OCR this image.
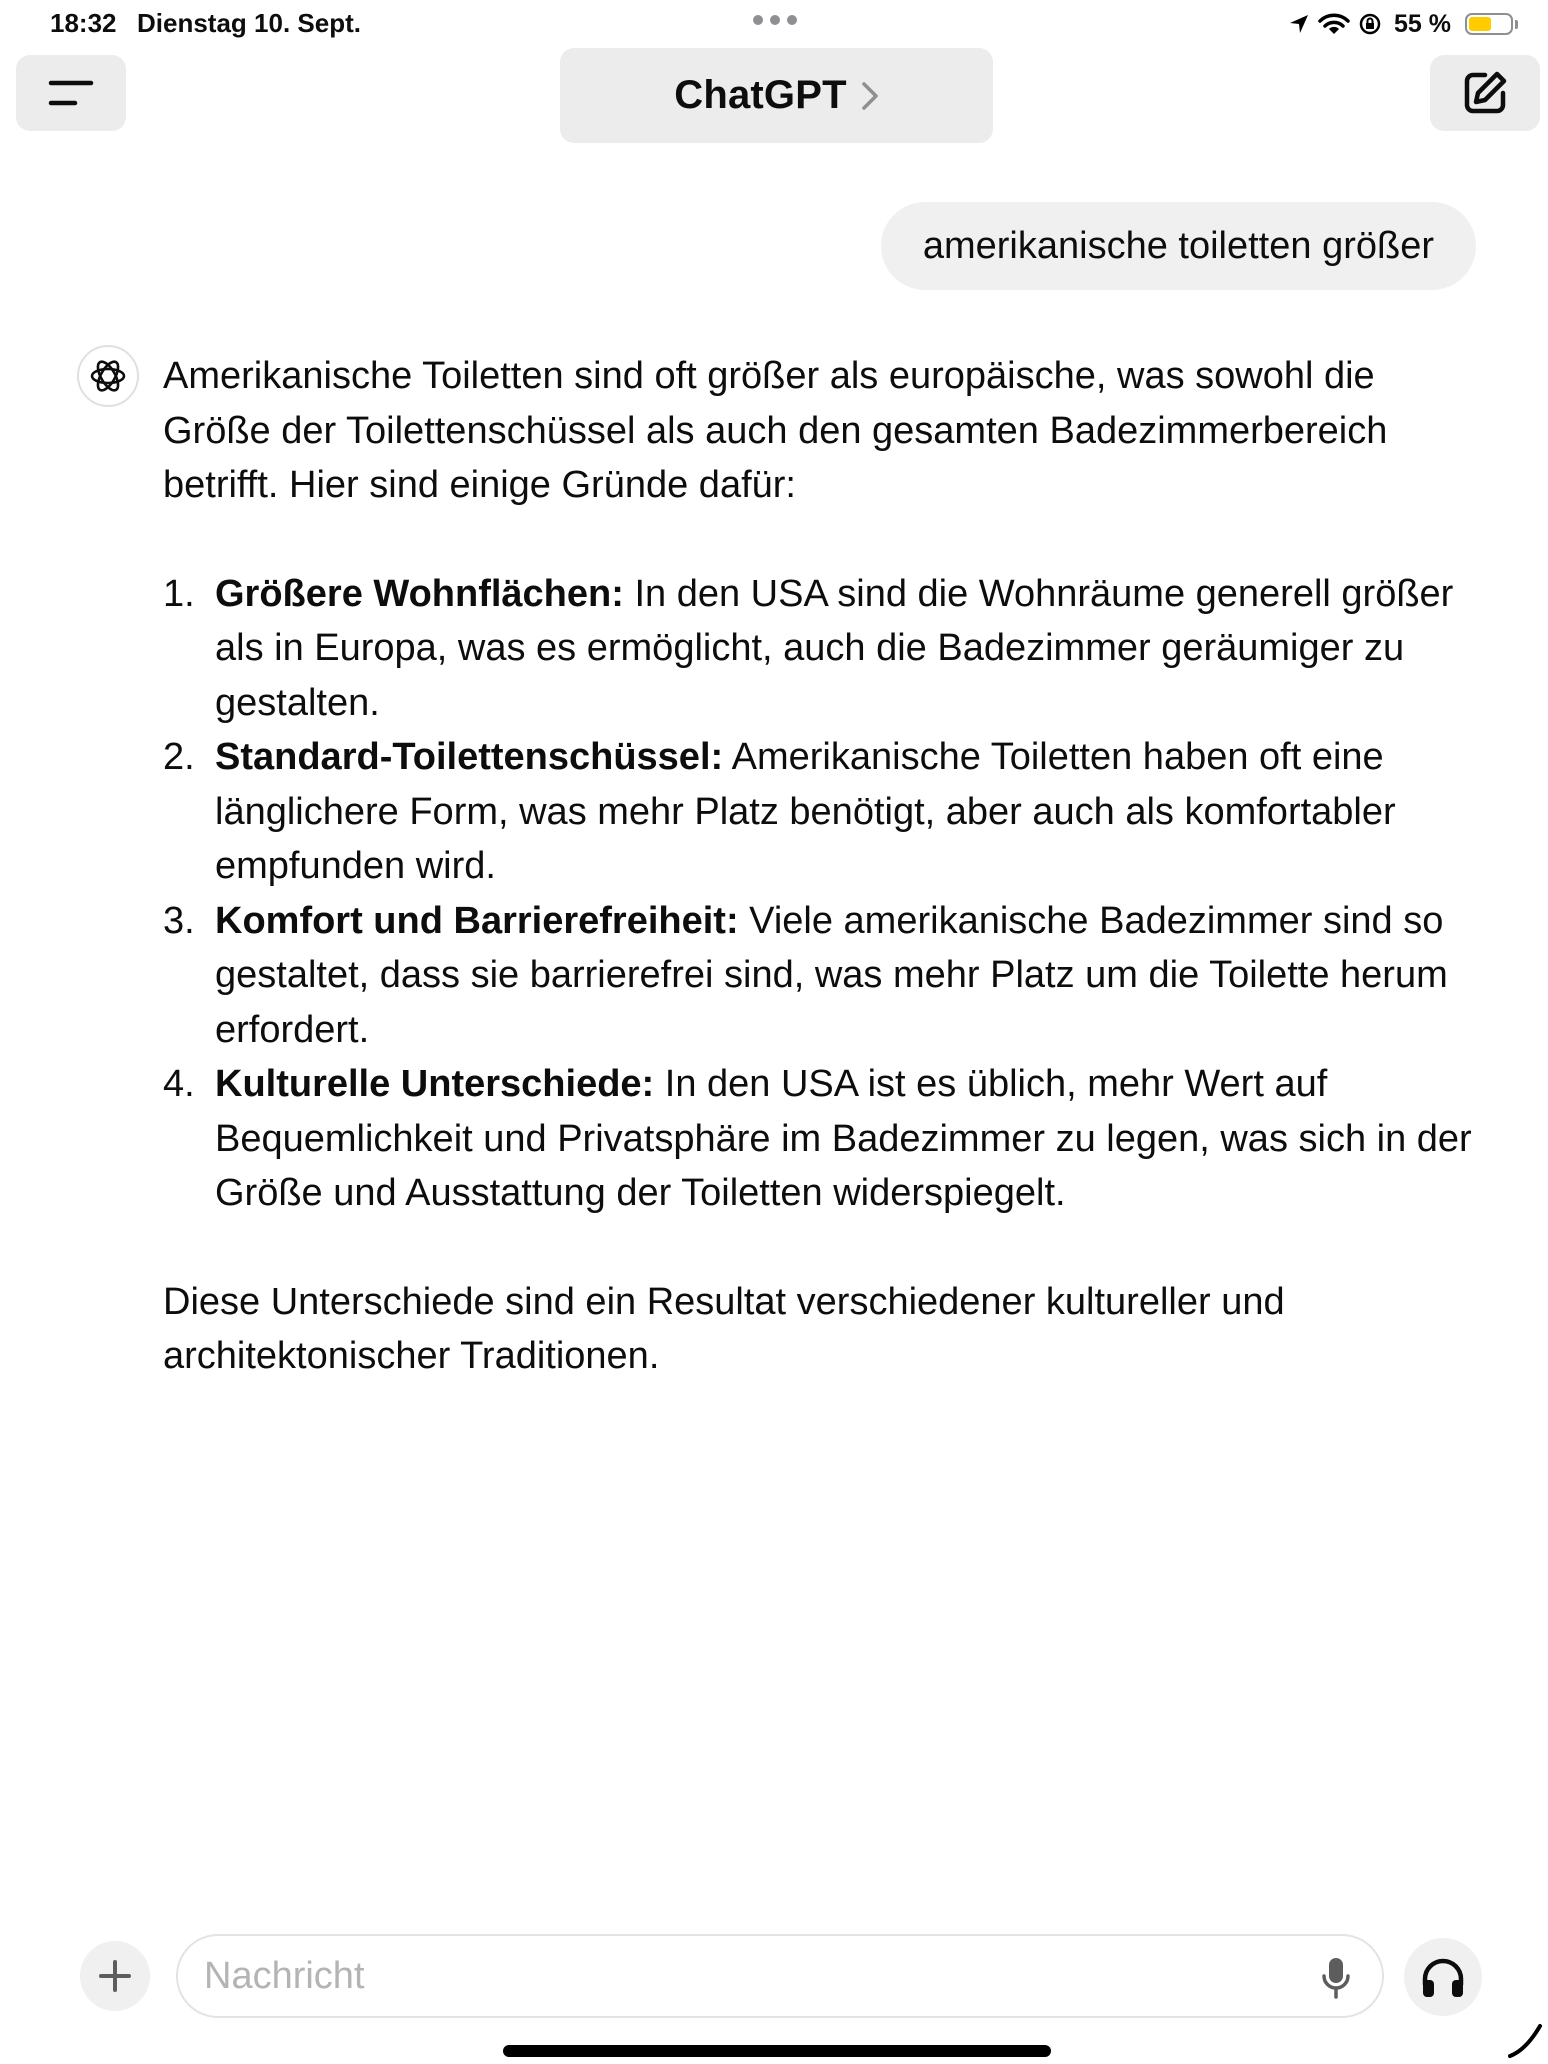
18:32 Dienstag 10. Sept.	55 %
ChatGPT
amerikanische toiletten größer

Amerikanische Toiletten sind oft größer als europäische, was sowohl die Größe der Toilettenschüssel als auch den gesamten Badezimmerbereich betrifft. Hier sind einige Gründe dafür:

1. Größere Wohnflächen: In den USA sind die Wohnräume generell größer als in Europa, was es ermöglicht, auch die Badezimmer geräumiger zu gestalten.
2. Standard-Toilettenschüssel: Amerikanische Toiletten haben oft eine länglichere Form, was mehr Platz benötigt, aber auch als komfortabler empfunden wird.
3. Komfort und Barrierefreiheit: Viele amerikanische Badezimmer sind so gestaltet, dass sie barrierefrei sind, was mehr Platz um die Toilette herum erfordert.
4. Kulturelle Unterschiede: In den USA ist es üblich, mehr Wert auf Bequemlichkeit und Privatsphäre im Badezimmer zu legen, was sich in der Größe und Ausstattung der Toiletten widerspiegelt.

Diese Unterschiede sind ein Resultat verschiedener kultureller und architektonischer Traditionen.

Nachricht
